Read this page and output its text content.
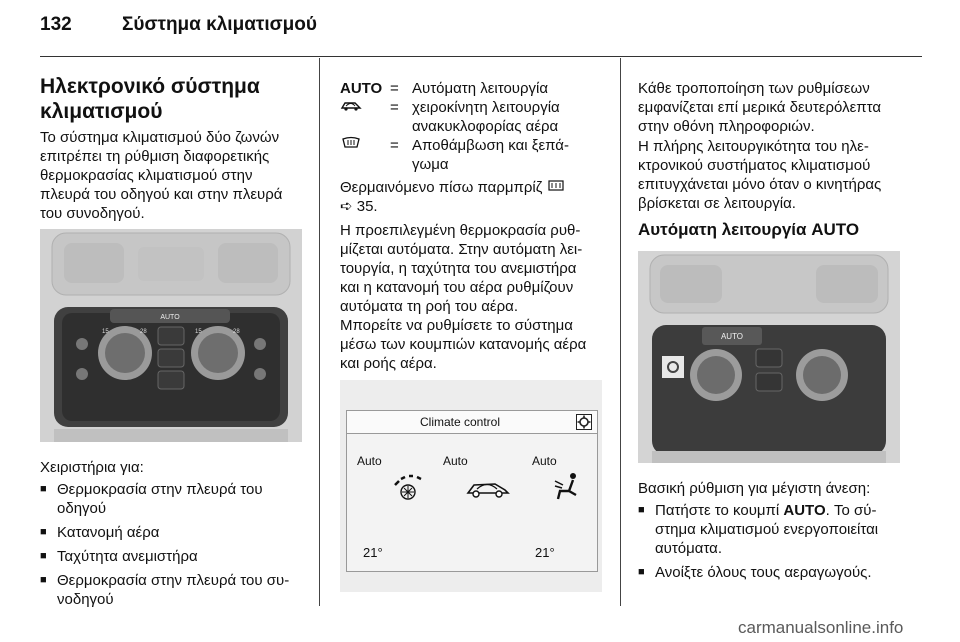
132	Σύστημα κλιματισμού
Ηλεκτρονικό σύστημα
κλιματισμού
Το σύστημα κλιματισμού δύο ζωνών
επιτρέπει τη ρύθμιση διαφορετικής
θερμοκρασίας κλιματισμού στην
πλευρά του οδηγού και στην πλευρά
του συνοδηγού.
AUTO
15	28	15	28
Χειριστήρια για:
■ Θερμοκρασία στην πλευρά του
οδηγού
■ Κατανομή αέρα
■ Ταχύτητα ανεμιστήρα
■ Θερμοκρασία στην πλευρά του συ-
νοδηγού
AUTO = Αυτόματη λειτουργία
= χειροκίνητη λειτουργία
ανακυκλοφορίας αέρα
= Αποθάμβωση και ξεπά-
γωμα
Θερμαινόμενο πίσω παρμπρίζ
➪ 35.
Η προεπιλεγμένη θερμοκρασία ρυθ-
μίζεται αυτόματα. Στην αυτόματη λει-
τουργία, η ταχύτητα του ανεμιστήρα
και η κατανομή του αέρα ρυθμίζουν
αυτόματα τη ροή του αέρα.
Μπορείτε να ρυθμίσετε το σύστημα
μέσω των κουμπιών κατανομής αέρα
και ροής αέρα.
Climate control
Auto	Auto	Auto
21°	21°
Κάθε τροποποίηση των ρυθμίσεων
εμφανίζεται επί μερικά δευτερόλεπτα
στην οθόνη πληροφοριών.
Η πλήρης λειτουργικότητα του ηλε-
κτρονικού συστήματος κλιματισμού
επιτυγχάνεται μόνο όταν ο κινητήρας
βρίσκεται σε λειτουργία.
Αυτόματη λειτουργία AUTO
AUTO
Βασική ρύθμιση για μέγιστη άνεση:
■ Πατήστε το κουμπί AUTO. Το σύ-
στημα κλιματισμού ενεργοποιείται
αυτόματα.
■ Ανοίξτε όλους τους αεραγωγούς.
carmanualsonline.info
